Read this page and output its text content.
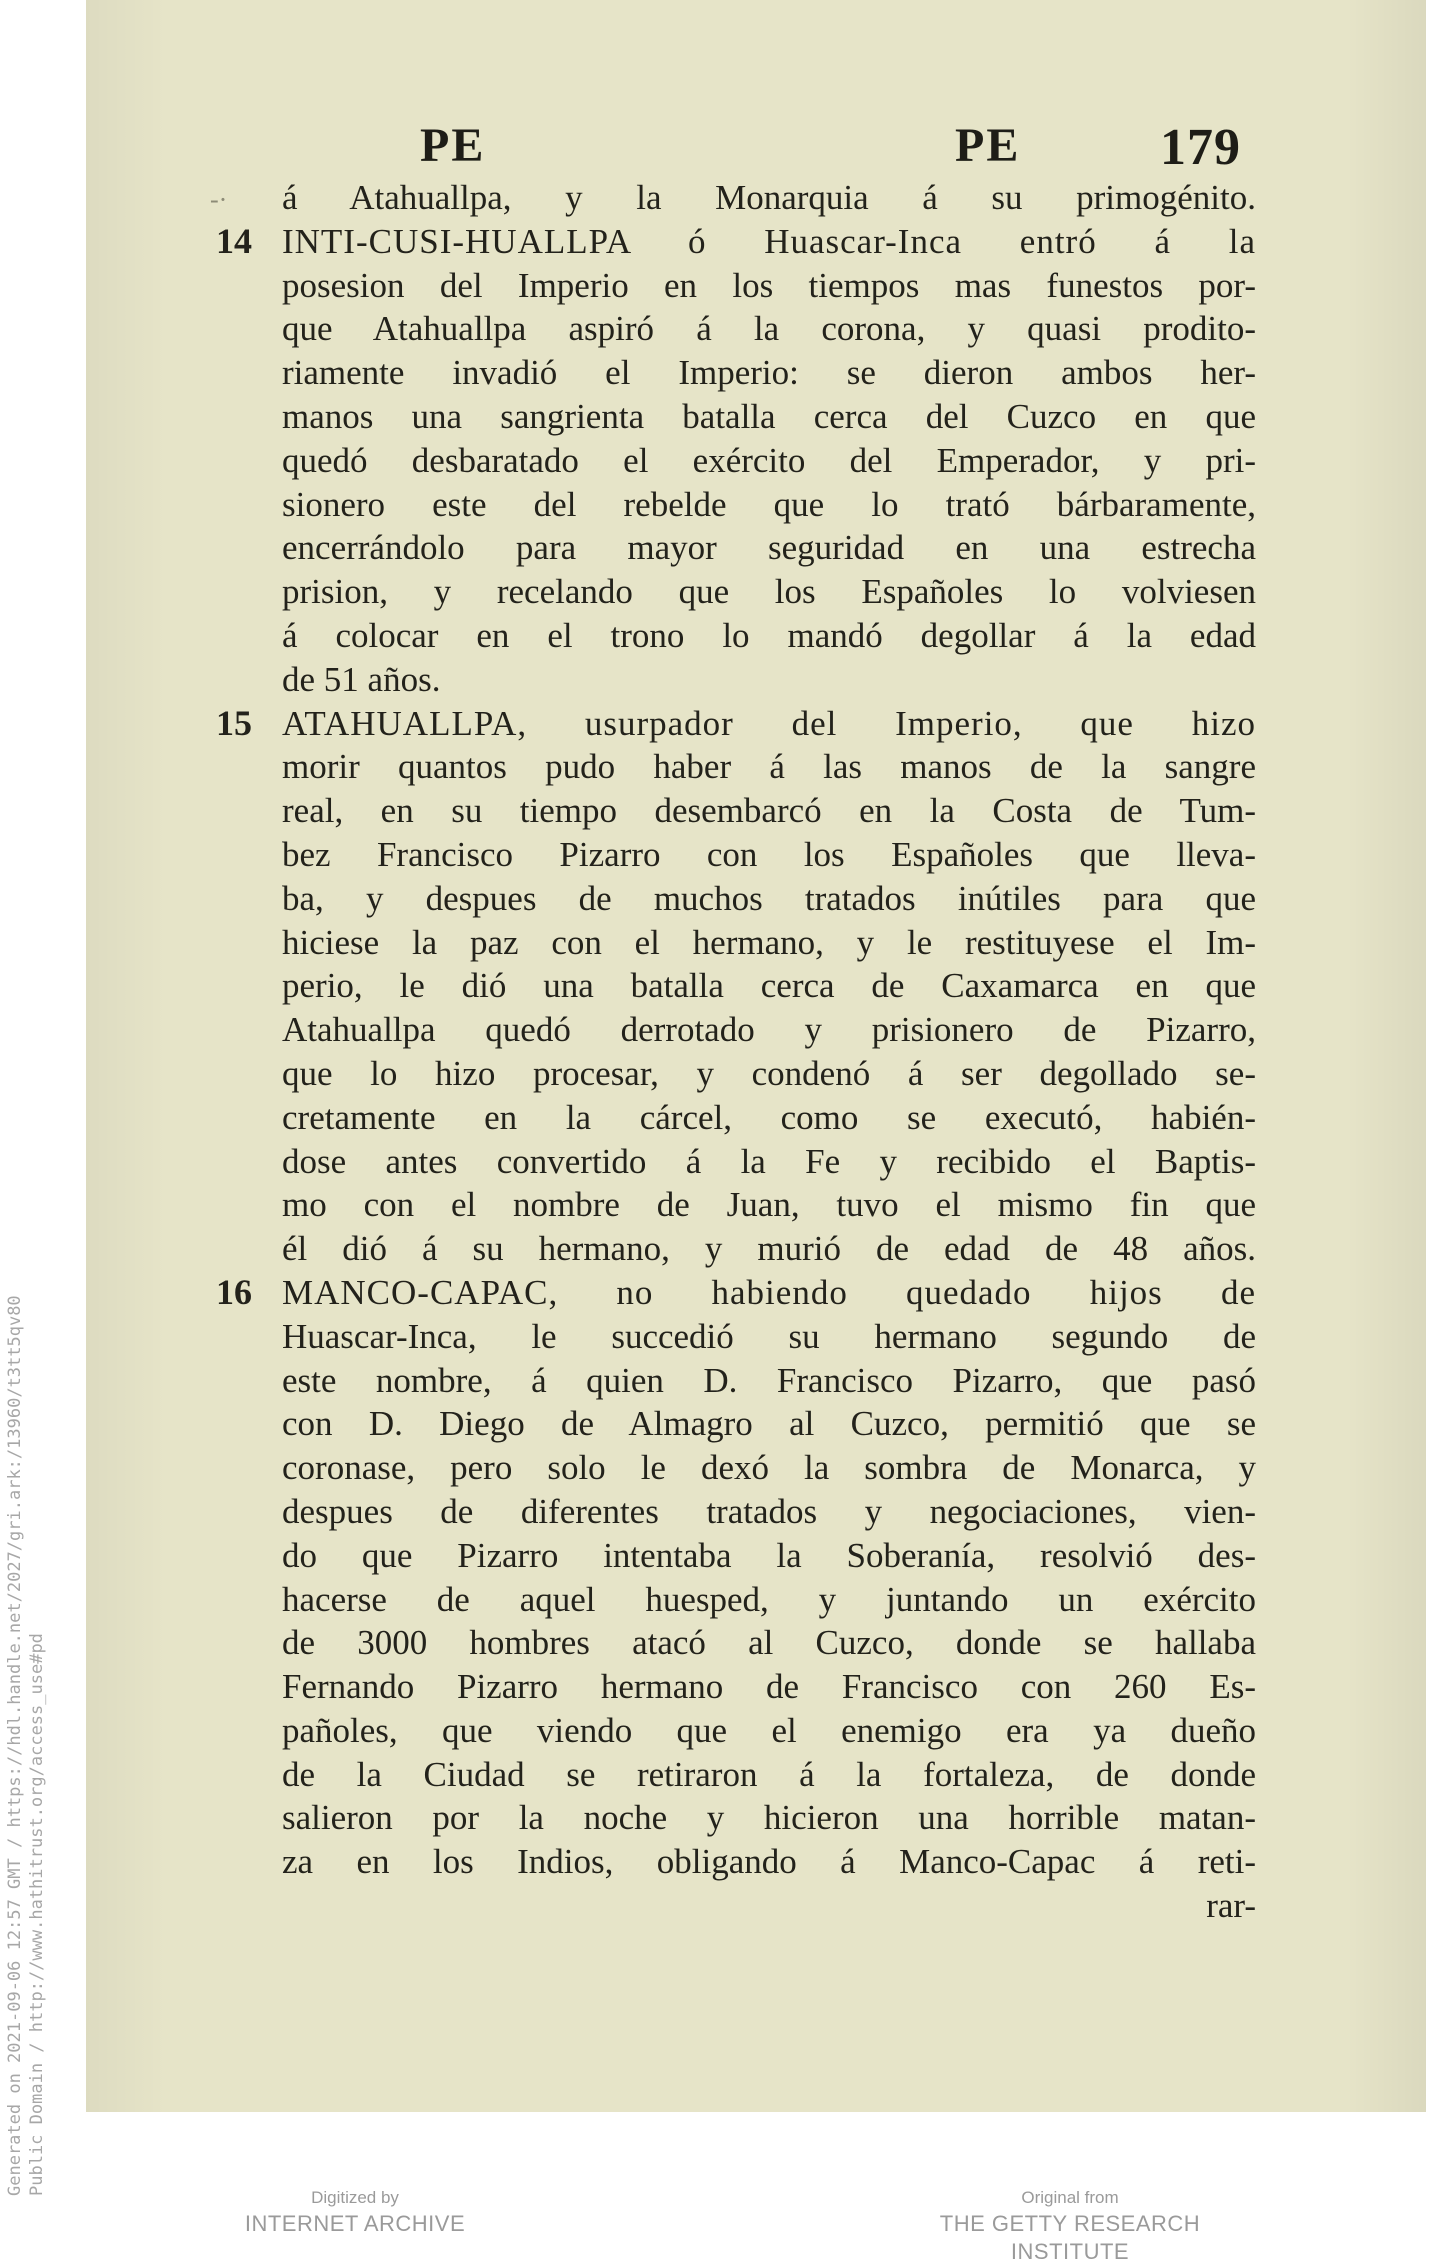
PE	PE	179
-· á Atahuallpa, y la Monarquia á su primogénito.
14 INTI-CUSI-HUALLPA ó Huascar-Inca entró á la
posesion del Imperio en los tiempos mas funestos por-
que Atahuallpa aspiró á la corona, y quasi prodito-
riamente invadió el Imperio: se dieron ambos her-
manos una sangrienta batalla cerca del Cuzco en que
quedó desbaratado el exército del Emperador, y pri-
sionero este del rebelde que lo trató bárbaramente,
encerrándolo para mayor seguridad en una estrecha
prision, y recelando que los Españoles lo volviesen
á colocar en el trono lo mandó degollar á la edad
de 51 años.
15 ATAHUALLPA, usurpador del Imperio, que hizo
morir quantos pudo haber á las manos de la sangre
real, en su tiempo desembarcó en la Costa de Tum-
bez Francisco Pizarro con los Españoles que lleva-
ba, y despues de muchos tratados inútiles para que
hiciese la paz con el hermano, y le restituyese el Im-
perio, le dió una batalla cerca de Caxamarca en que
Atahuallpa quedó derrotado y prisionero de Pizarro,
que lo hizo procesar, y condenó á ser degollado se-
cretamente en la cárcel, como se executó, habién-
dose antes convertido á la Fe y recibido el Baptis-
mo con el nombre de Juan, tuvo el mismo fin que
él dió á su hermano, y murió de edad de 48 años.
16 MANCO-CAPAC, no habiendo quedado hijos de
Huascar-Inca, le succedió su hermano segundo de
este nombre, á quien D. Francisco Pizarro, que pasó
con D. Diego de Almagro al Cuzco, permitió que se
coronase, pero solo le dexó la sombra de Monarca, y
despues de diferentes tratados y negociaciones, vien-
do que Pizarro intentaba la Soberanía, resolvió des-
hacerse de aquel huesped, y juntando un exército
de 3000 hombres atacó al Cuzco, donde se hallaba
Fernando Pizarro hermano de Francisco con 260 Es-
pañoles, que viendo que el enemigo era ya dueño
de la Ciudad se retiraron á la fortaleza, de donde
salieron por la noche y hicieron una horrible matan-
za en los Indios, obligando á Manco-Capac á reti-
rar-
Generated on 2021-09-06 12:57 GMT / https://hdl.handle.net/2027/gri.ark:/13960/t3tt5qv80 Public Domain / http://www.hathitrust.org/access_use#pd
Digitized by
INTERNET ARCHIVE
Original from
THE GETTY RESEARCH INSTITUTE
